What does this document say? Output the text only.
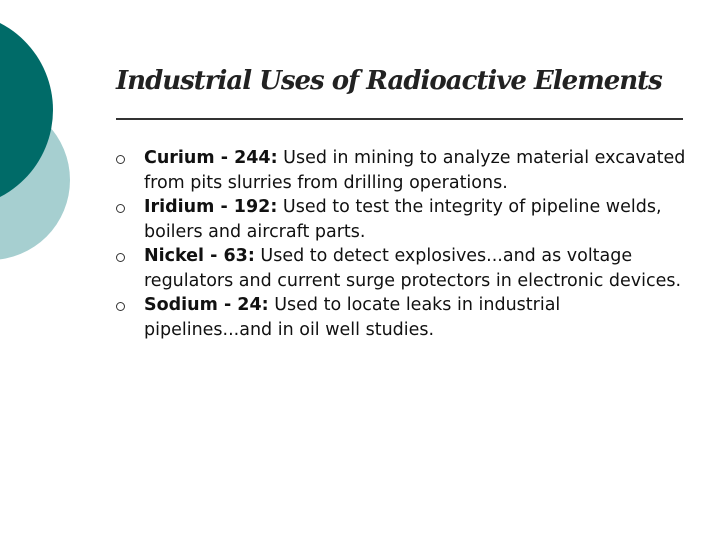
Industrial Uses of Radioactive Elements
Curium - 244: Used in mining to analyze material excavated from pits slurries from drilling operations.
Iridium - 192: Used to test the integrity of pipeline welds, boilers and aircraft parts.
Nickel - 63: Used to detect explosives...and as voltage regulators and current surge protectors in electronic devices.
Sodium - 24: Used to locate leaks in industrial pipelines...and in oil well studies.
